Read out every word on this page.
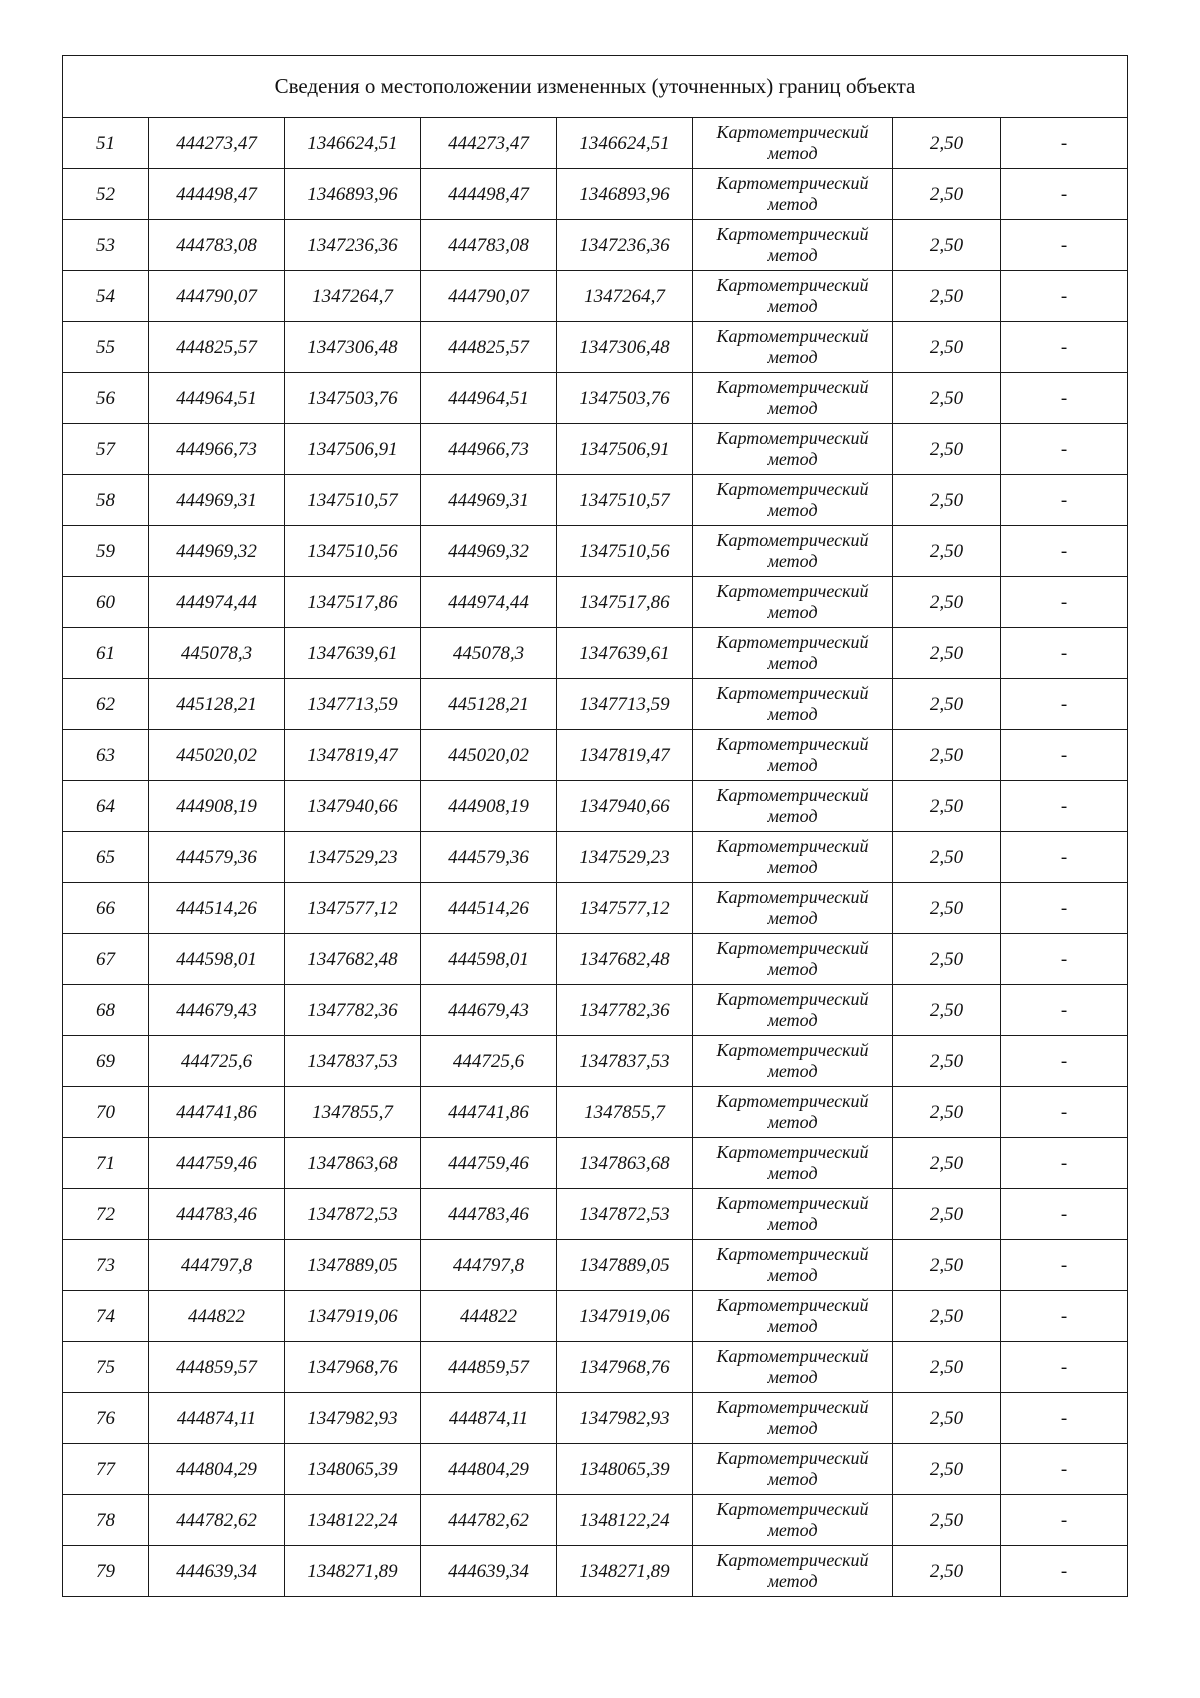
Сведения о местоположении измененных (уточненных) границ объекта							
51	444273,47	1346624,51	444273,47	1346624,51	Картометрический
метод	2,50	-
52	444498,47	1346893,96	444498,47	1346893,96	Картометрический
метод	2,50	-
53	444783,08	1347236,36	444783,08	1347236,36	Картометрический
метод	2,50	-
54	444790,07	1347264,7	444790,07	1347264,7	Картометрический
метод	2,50	-
55	444825,57	1347306,48	444825,57	1347306,48	Картометрический
метод	2,50	-
56	444964,51	1347503,76	444964,51	1347503,76	Картометрический
метод	2,50	-
57	444966,73	1347506,91	444966,73	1347506,91	Картометрический
метод	2,50	-
58	444969,31	1347510,57	444969,31	1347510,57	Картометрический
метод	2,50	-
59	444969,32	1347510,56	444969,32	1347510,56	Картометрический
метод	2,50	-
60	444974,44	1347517,86	444974,44	1347517,86	Картометрический
метод	2,50	-
61	445078,3	1347639,61	445078,3	1347639,61	Картометрический
метод	2,50	-
62	445128,21	1347713,59	445128,21	1347713,59	Картометрический
метод	2,50	-
63	445020,02	1347819,47	445020,02	1347819,47	Картометрический
метод	2,50	-
64	444908,19	1347940,66	444908,19	1347940,66	Картометрический
метод	2,50	-
65	444579,36	1347529,23	444579,36	1347529,23	Картометрический
метод	2,50	-
66	444514,26	1347577,12	444514,26	1347577,12	Картометрический
метод	2,50	-
67	444598,01	1347682,48	444598,01	1347682,48	Картометрический
метод	2,50	-
68	444679,43	1347782,36	444679,43	1347782,36	Картометрический
метод	2,50	-
69	444725,6	1347837,53	444725,6	1347837,53	Картометрический
метод	2,50	-
70	444741,86	1347855,7	444741,86	1347855,7	Картометрический
метод	2,50	-
71	444759,46	1347863,68	444759,46	1347863,68	Картометрический
метод	2,50	-
72	444783,46	1347872,53	444783,46	1347872,53	Картометрический
метод	2,50	-
73	444797,8	1347889,05	444797,8	1347889,05	Картометрический
метод	2,50	-
74	444822	1347919,06	444822	1347919,06	Картометрический
метод	2,50	-
75	444859,57	1347968,76	444859,57	1347968,76	Картометрический
метод	2,50	-
76	444874,11	1347982,93	444874,11	1347982,93	Картометрический
метод	2,50	-
77	444804,29	1348065,39	444804,29	1348065,39	Картометрический
метод	2,50	-
78	444782,62	1348122,24	444782,62	1348122,24	Картометрический
метод	2,50	-
79	444639,34	1348271,89	444639,34	1348271,89	Картометрический
метод	2,50	-
